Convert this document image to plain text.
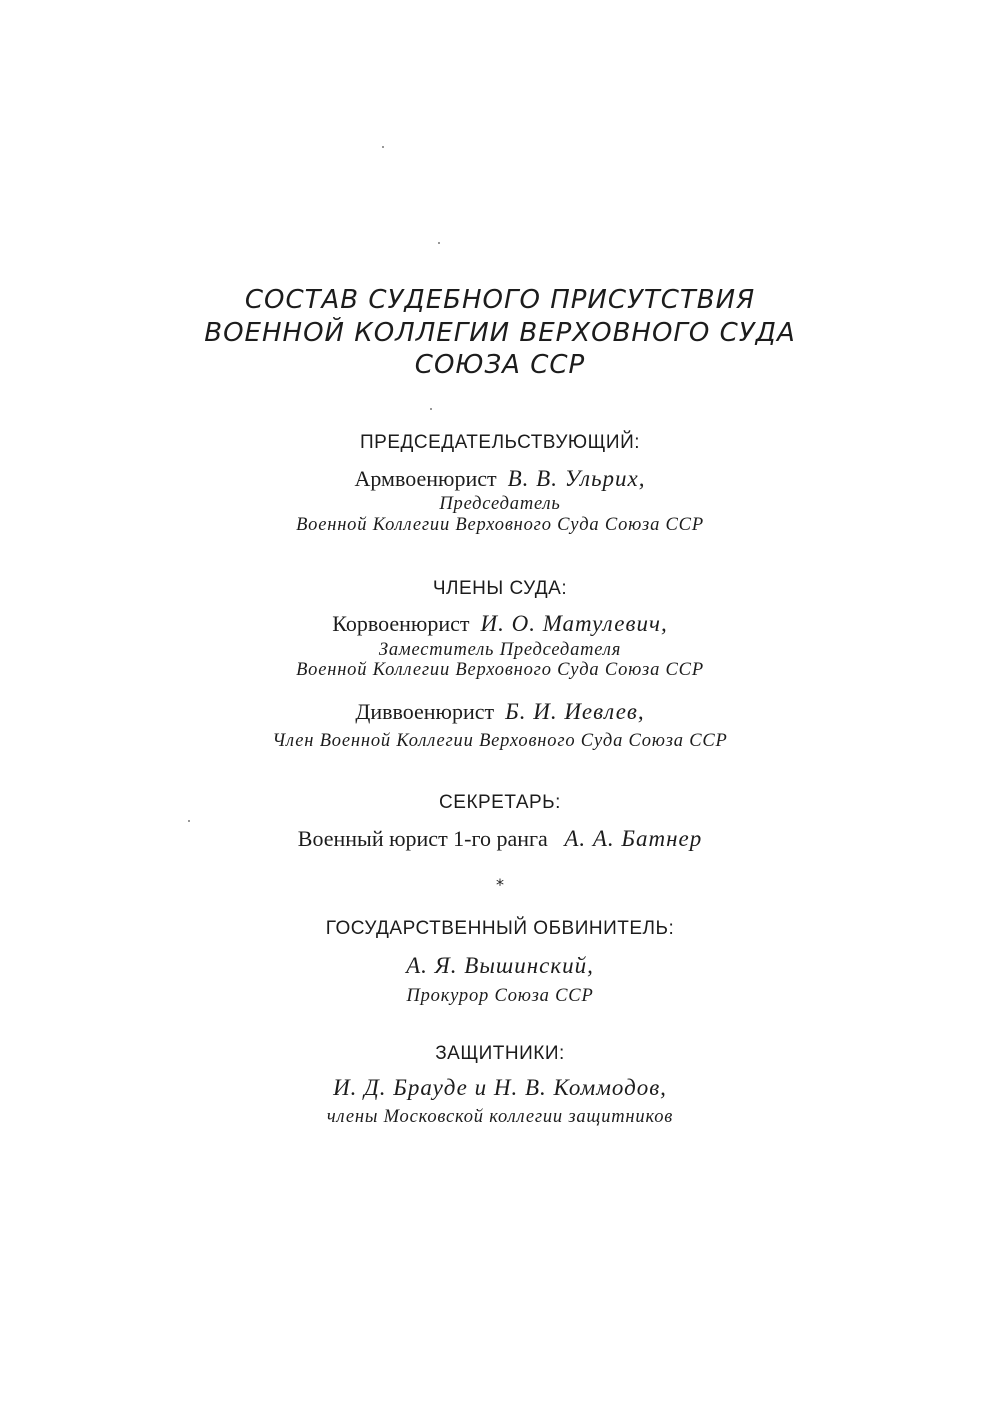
СОСТАВ СУДЕБНОГО ПРИСУТСТВИЯ

ВОЕННОЙ КОЛЛЕГИИ ВЕРХОВНОГО СУДА

СОЮЗА ССР

ПРЕДСЕДАТЕЛЬСТВУЮЩИЙ:

Армвоенюрист В. В. Ульрих,

Председатель

Военной Коллегии Верховного Суда Союза ССР

ЧЛЕНЫ СУДА:

Корвоенюрист И. О. Матулевич,

Заместитель Председателя

Военной Коллегии Верховного Суда Союза ССР

Диввоенюрист Б. И. Иевлев,

Член Военной Коллегии Верховного Суда Союза ССР

СЕКРЕТАРЬ:

Военный юрист 1-го ранга А. А. Батнер

*

ГОСУДАРСТВЕННЫЙ ОБВИНИТЕЛЬ:

А. Я. Вышинский,

Прокурор Союза ССР

ЗАЩИТНИКИ:

И. Д. Брауде и Н. В. Коммодов,

члены Московской коллегии защитников
